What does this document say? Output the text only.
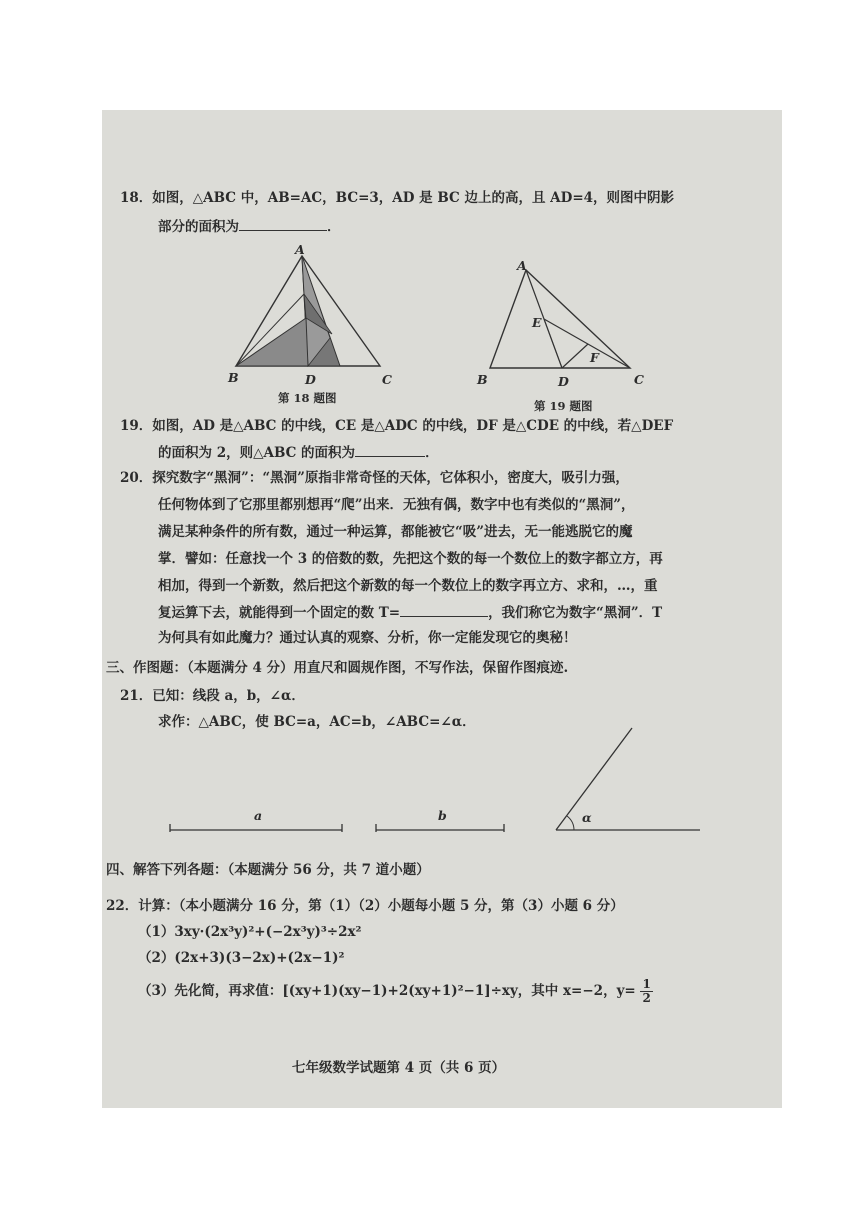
18．如图，△ABC 中，AB=AC，BC=3，AD 是 BC 边上的高，且 AD=4，则图中阴影
部分的面积为	．
A
B	D	C
第 18 题图
A
E
F
B	D	C
第 19 题图
19．如图，AD 是△ABC 的中线，CE 是△ADC 的中线，DF 是△CDE 的中线，若△DEF
的面积为 2，则△ABC 的面积为	．
20．探究数字“黑洞”：“黑洞”原指非常奇怪的天体，它体积小，密度大，吸引力强，
任何物体到了它那里都别想再“爬”出来．无独有偶，数字中也有类似的“黑洞”，
满足某种条件的所有数，通过一种运算，都能被它“吸”进去，无一能逃脱它的魔
掌．譬如：任意找一个 3 的倍数的数，先把这个数的每一个数位上的数字都立方，再
相加，得到一个新数，然后把这个新数的每一个数位上的数字再立方、求和，…，重
复运算下去，就能得到一个固定的数 T=	，我们称它为数字“黑洞”．T
为何具有如此魔力？通过认真的观察、分析，你一定能发现它的奥秘！
三、作图题：（本题满分 4 分）用直尺和圆规作图，不写作法，保留作图痕迹.
21．已知：线段 a，b，∠α．
求作：△ABC，使 BC=a，AC=b，∠ABC=∠α．
a	b	α
四、解答下列各题：（本题满分 56 分，共 7 道小题）
22．计算：（本小题满分 16 分，第（1）（2）小题每小题 5 分，第（3）小题 6 分）
（1）3xy·(2x³y)²+(−2x³y)³÷2x²
（2）(2x+3)(3−2x)+(2x−1)²
（3）先化简，再求值：[(xy+1)(xy−1)+2(xy+1)²−1]÷xy，其中 x=−2，$y= \frac{1}{2}$
七年级数学试题第 4 页（共 6 页）
